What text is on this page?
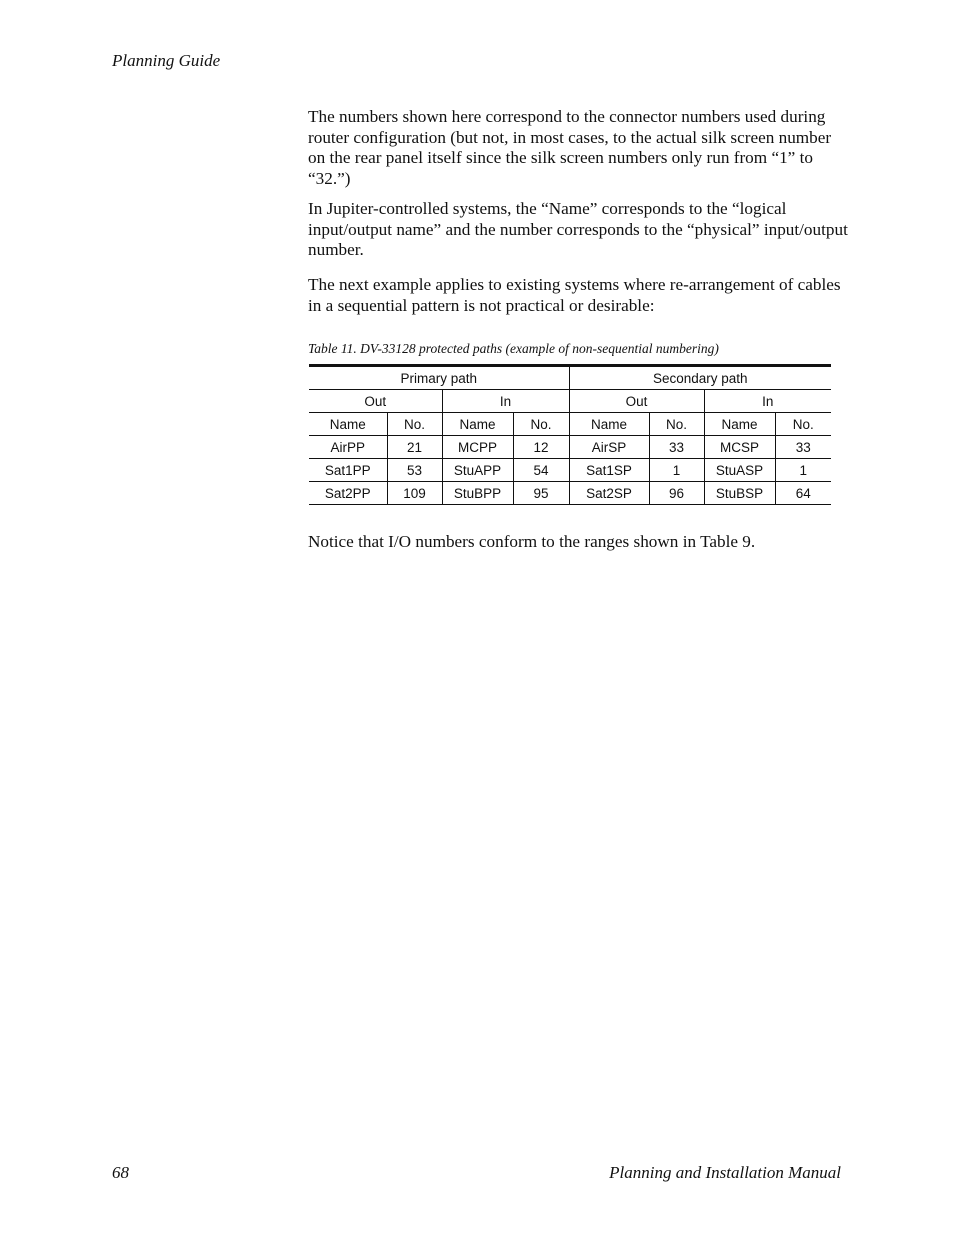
Planning Guide

The numbers shown here correspond to the connector numbers used during router configuration (but not, in most cases, to the actual silk screen number on the rear panel itself since the silk screen numbers only run from “1” to “32.”)

In Jupiter-controlled systems, the “Name” corresponds to the “logical input/output name” and the number corresponds to the “physical” input/output number.

The next example applies to existing systems where re-arrangement of cables in a sequential pattern is not practical or desirable:

Table 11. DV-33128 protected paths (example of non-sequential numbering)
Primary path				Secondary path			
Out		In		Out		In	
Name	No.	Name	No.	Name	No.	Name	No.
AirPP	21	MCPP	12	AirSP	33	MCSP	33
Sat1PP	53	StuAPP	54	Sat1SP	1	StuASP	1
Sat2PP	109	StuBPP	95	Sat2SP	96	StuBSP	64

Notice that I/O numbers conform to the ranges shown in Table 9.

68	Planning and Installation Manual
